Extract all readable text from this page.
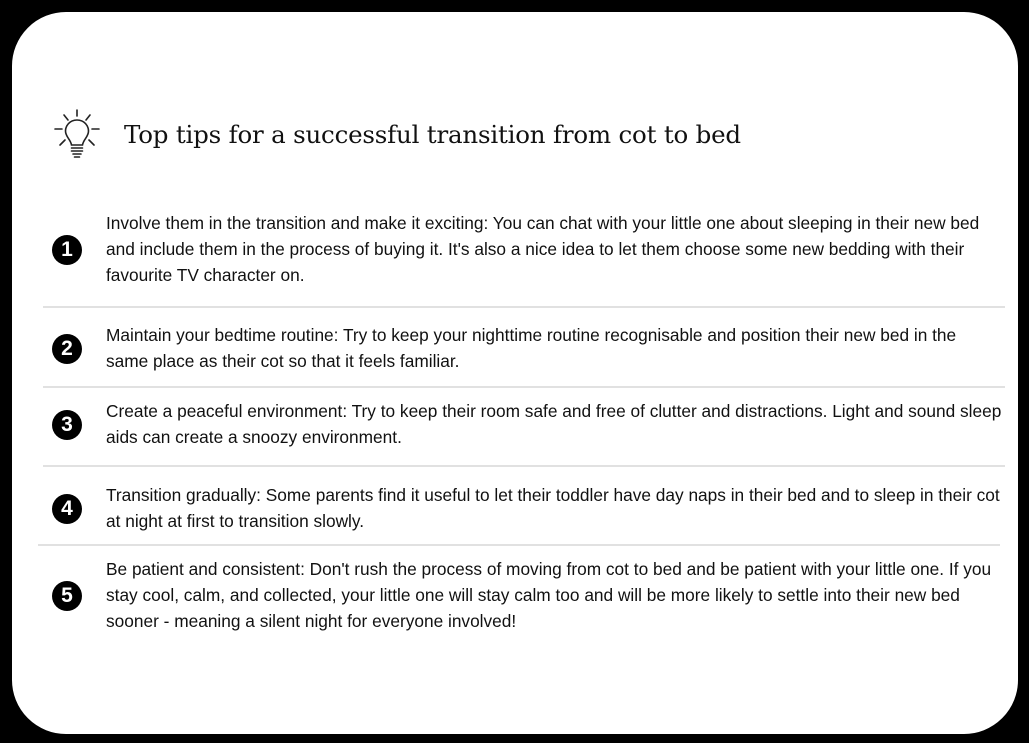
Top tips for a successful transition from cot to bed
1
Involve them in the transition and make it exciting: You can chat with your little one about sleeping in their new bed and include them in the process of buying it. It's also a nice idea to let them choose some new bedding with their favourite TV character on.
2
Maintain your bedtime routine: Try to keep your nighttime routine recognisable and position their new bed in the same place as their cot so that it feels familiar.
3
Create a peaceful environment: Try to keep their room safe and free of clutter and distractions. Light and sound sleep aids can create a snoozy environment.
4
Transition gradually: Some parents find it useful to let their toddler have day naps in their bed and to sleep in their cot at night at first to transition slowly.
5
Be patient and consistent: Don't rush the process of moving from cot to bed and be patient with your little one. If you stay cool, calm, and collected, your little one will stay calm too and will be more likely to settle into their new bed sooner - meaning a silent night for everyone involved!
